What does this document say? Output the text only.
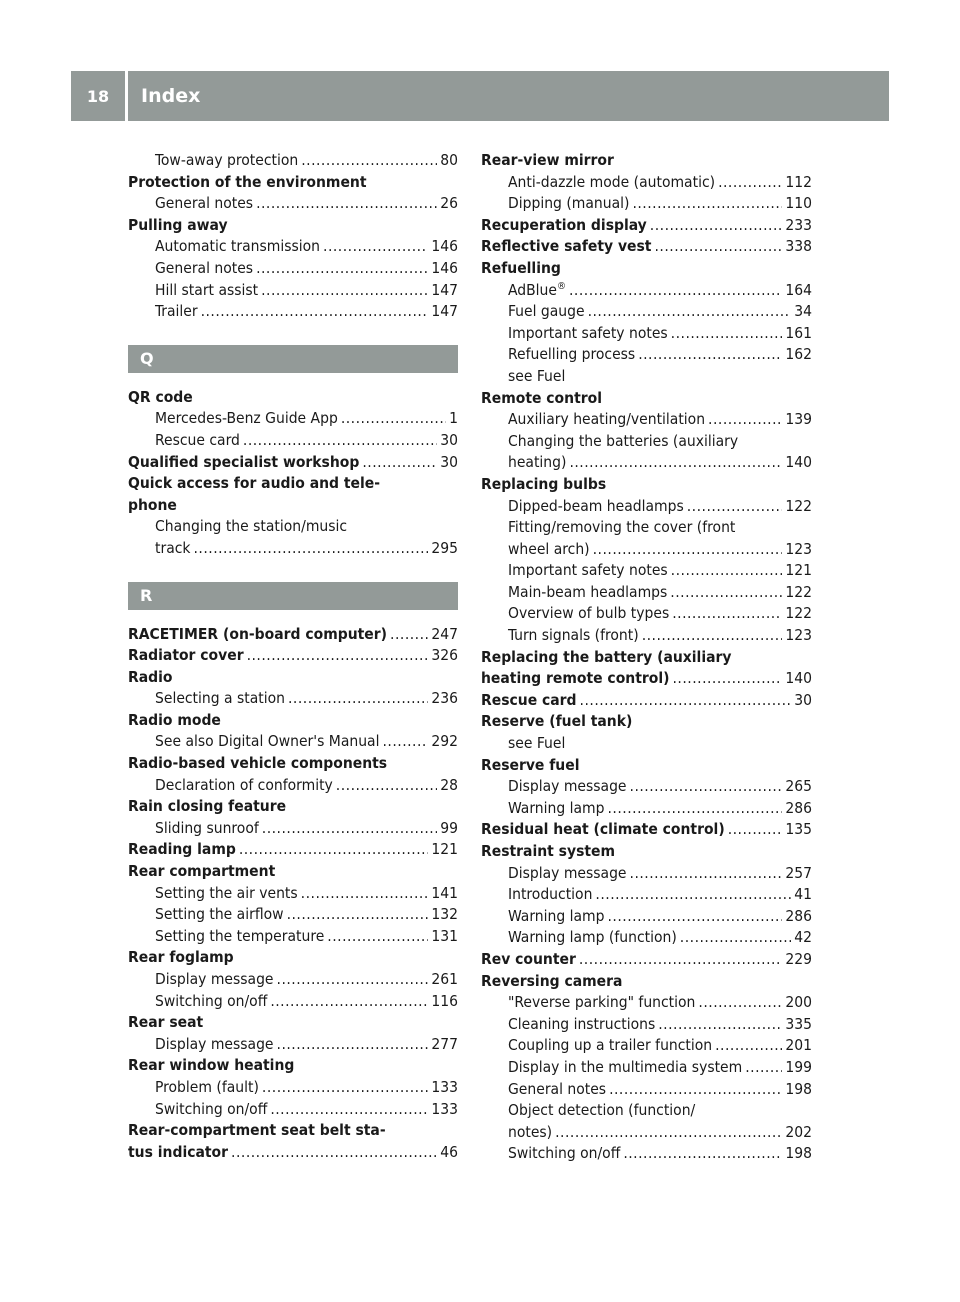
18	Index
Tow-away protection .....	80
Protection of the environment
General notes .....	26
Pulling away
Automatic transmission .....	146
General notes .....	146
Hill start assist .....	147
Trailer .....	147
Q
QR code
Mercedes-Benz Guide App .....	1
Rescue card .....	30
Qualified specialist workshop .....	30
Quick access for audio and tele-
phone
Changing the station/music
track .....	295
R
RACETIMER (on-board computer) .....	247
Radiator cover .....	326
Radio
Selecting a station .....	236
Radio mode
See also Digital Owner's Manual .....	292
Radio-based vehicle components
Declaration of conformity .....	28
Rain closing feature
Sliding sunroof .....	99
Reading lamp .....	121
Rear compartment
Setting the air vents .....	141
Setting the airflow .....	132
Setting the temperature .....	131
Rear foglamp
Display message .....	261
Switching on/off .....	116
Rear seat
Display message .....	277
Rear window heating
Problem (fault) .....	133
Switching on/off .....	133
Rear-compartment seat belt sta-
tus indicator .....	46
Rear-view mirror
Anti-dazzle mode (automatic) .....	112
Dipping (manual) .....	110
Recuperation display .....	233
Reflective safety vest .....	338
Refuelling
AdBlue® .....	164
Fuel gauge .....	34
Important safety notes .....	161
Refuelling process .....	162
see Fuel
Remote control
Auxiliary heating/ventilation .....	139
Changing the batteries (auxiliary
heating) .....	140
Replacing bulbs
Dipped-beam headlamps .....	122
Fitting/removing the cover (front
wheel arch) .....	123
Important safety notes .....	121
Main-beam headlamps .....	122
Overview of bulb types .....	122
Turn signals (front) .....	123
Replacing the battery (auxiliary
heating remote control) .....	140
Rescue card .....	30
Reserve (fuel tank)
see Fuel
Reserve fuel
Display message .....	265
Warning lamp .....	286
Residual heat (climate control) .....	135
Restraint system
Display message .....	257
Introduction .....	41
Warning lamp .....	286
Warning lamp (function) .....	42
Rev counter .....	229
Reversing camera
"Reverse parking" function .....	200
Cleaning instructions .....	335
Coupling up a trailer function .....	201
Display in the multimedia system .....	199
General notes .....	198
Object detection (function/
notes) .....	202
Switching on/off .....	198
